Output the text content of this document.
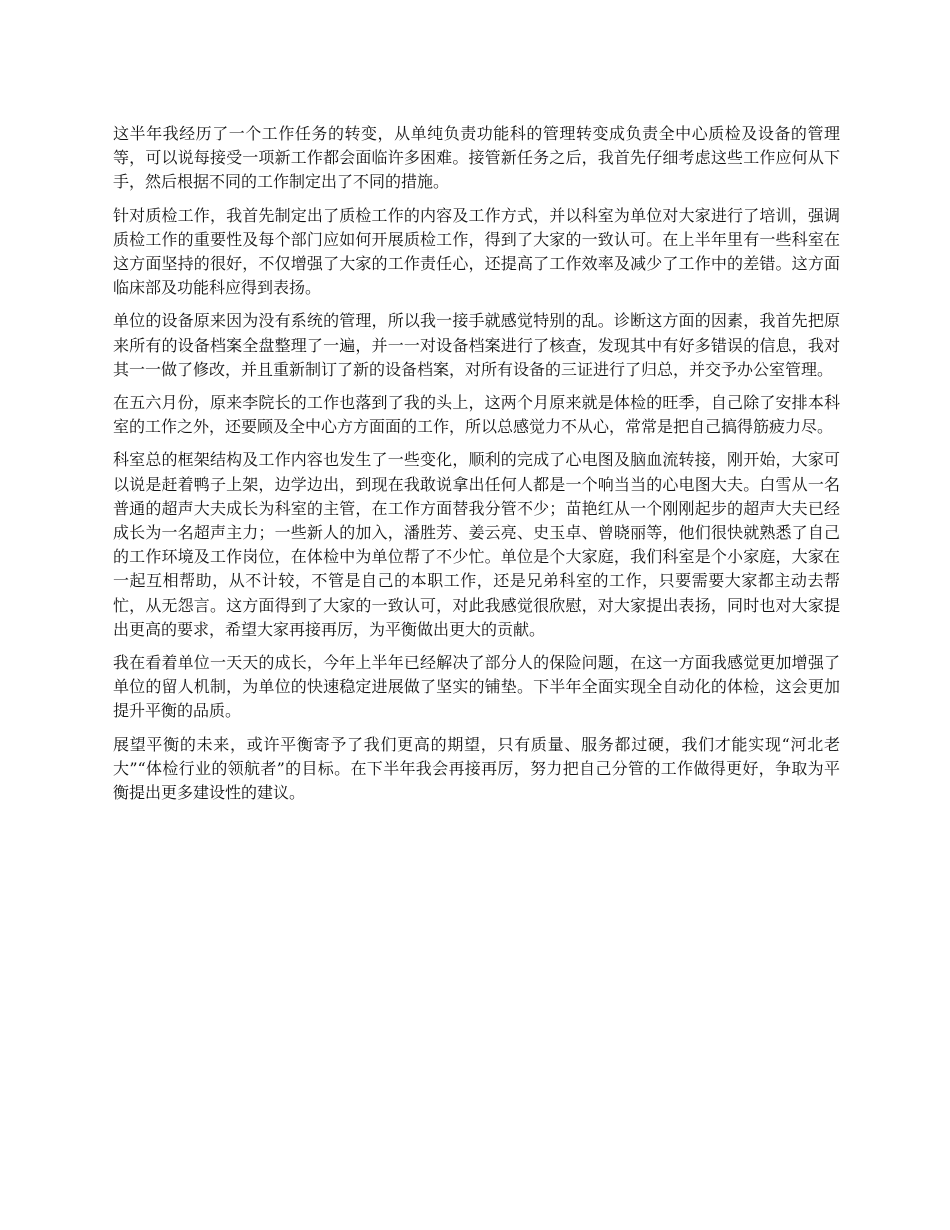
这半年我经历了一个工作任务的转变，从单纯负责功能科的管理转变成负责全中心质检及设备的管理等，可以说每接受一项新工作都会面临许多困难。接管新任务之后，我首先仔细考虑这些工作应何从下手，然后根据不同的工作制定出了不同的措施。

针对质检工作，我首先制定出了质检工作的内容及工作方式，并以科室为单位对大家进行了培训，强调质检工作的重要性及每个部门应如何开展质检工作，得到了大家的一致认可。在上半年里有一些科室在这方面坚持的很好，不仅增强了大家的工作责任心，还提高了工作效率及减少了工作中的差错。这方面临床部及功能科应得到表扬。

单位的设备原来因为没有系统的管理，所以我一接手就感觉特别的乱。诊断这方面的因素，我首先把原来所有的设备档案全盘整理了一遍，并一一对设备档案进行了核查，发现其中有好多错误的信息，我对其一一做了修改，并且重新制订了新的设备档案，对所有设备的三证进行了归总，并交予办公室管理。

在五六月份，原来李院长的工作也落到了我的头上，这两个月原来就是体检的旺季，自己除了安排本科室的工作之外，还要顾及全中心方方面面的工作，所以总感觉力不从心，常常是把自己搞得筋疲力尽。

科室总的框架结构及工作内容也发生了一些变化，顺利的完成了心电图及脑血流转接，刚开始，大家可以说是赶着鸭子上架，边学边出，到现在我敢说拿出任何人都是一个响当当的心电图大夫。白雪从一名普通的超声大夫成长为科室的主管，在工作方面替我分管不少；苗艳红从一个刚刚起步的超声大夫已经成长为一名超声主力；一些新人的加入，潘胜芳、姜云亮、史玉卓、曾晓丽等，他们很快就熟悉了自己的工作环境及工作岗位，在体检中为单位帮了不少忙。单位是个大家庭，我们科室是个小家庭，大家在一起互相帮助，从不计较，不管是自己的本职工作，还是兄弟科室的工作，只要需要大家都主动去帮忙，从无怨言。这方面得到了大家的一致认可，对此我感觉很欣慰，对大家提出表扬，同时也对大家提出更高的要求，希望大家再接再厉，为平衡做出更大的贡献。

我在看着单位一天天的成长，今年上半年已经解决了部分人的保险问题，在这一方面我感觉更加增强了单位的留人机制，为单位的快速稳定进展做了坚实的铺垫。下半年全面实现全自动化的体检，这会更加提升平衡的品质。

展望平衡的未来，或许平衡寄予了我们更高的期望，只有质量、服务都过硬，我们才能实现“河北老大”“体检行业的领航者”的目标。在下半年我会再接再厉，努力把自己分管的工作做得更好，争取为平衡提出更多建设性的建议。
